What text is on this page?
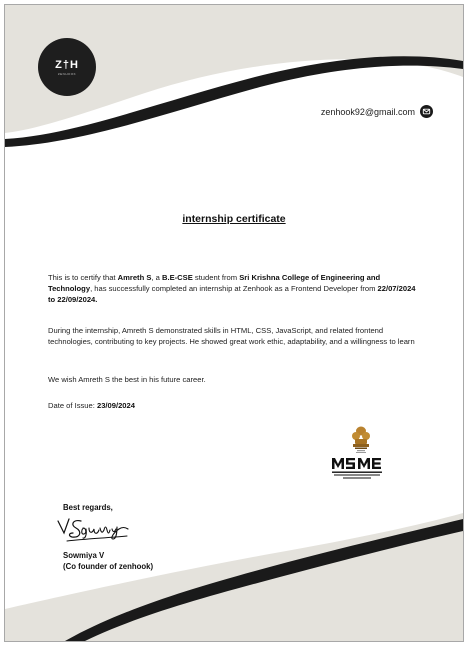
Z†H
ZENHOOK
zenhook92@gmail.com
internship certificate

This is to certify that Amreth S, a B.E-CSE student from Sri Krishna College of Engineering and Technology, has successfully completed an internship at Zenhook as a Frontend Developer from 22/07/2024 to 22/09/2024.

During the internship, Amreth S demonstrated skills in HTML, CSS, JavaScript, and related frontend technologies, contributing to key projects. He showed great work ethic, adaptability, and a willingness to learn

We wish Amreth S the best in his future career.

Date of Issue: 23/09/2024

Best regards,
Sowmiya V
(Co founder of zenhook)
